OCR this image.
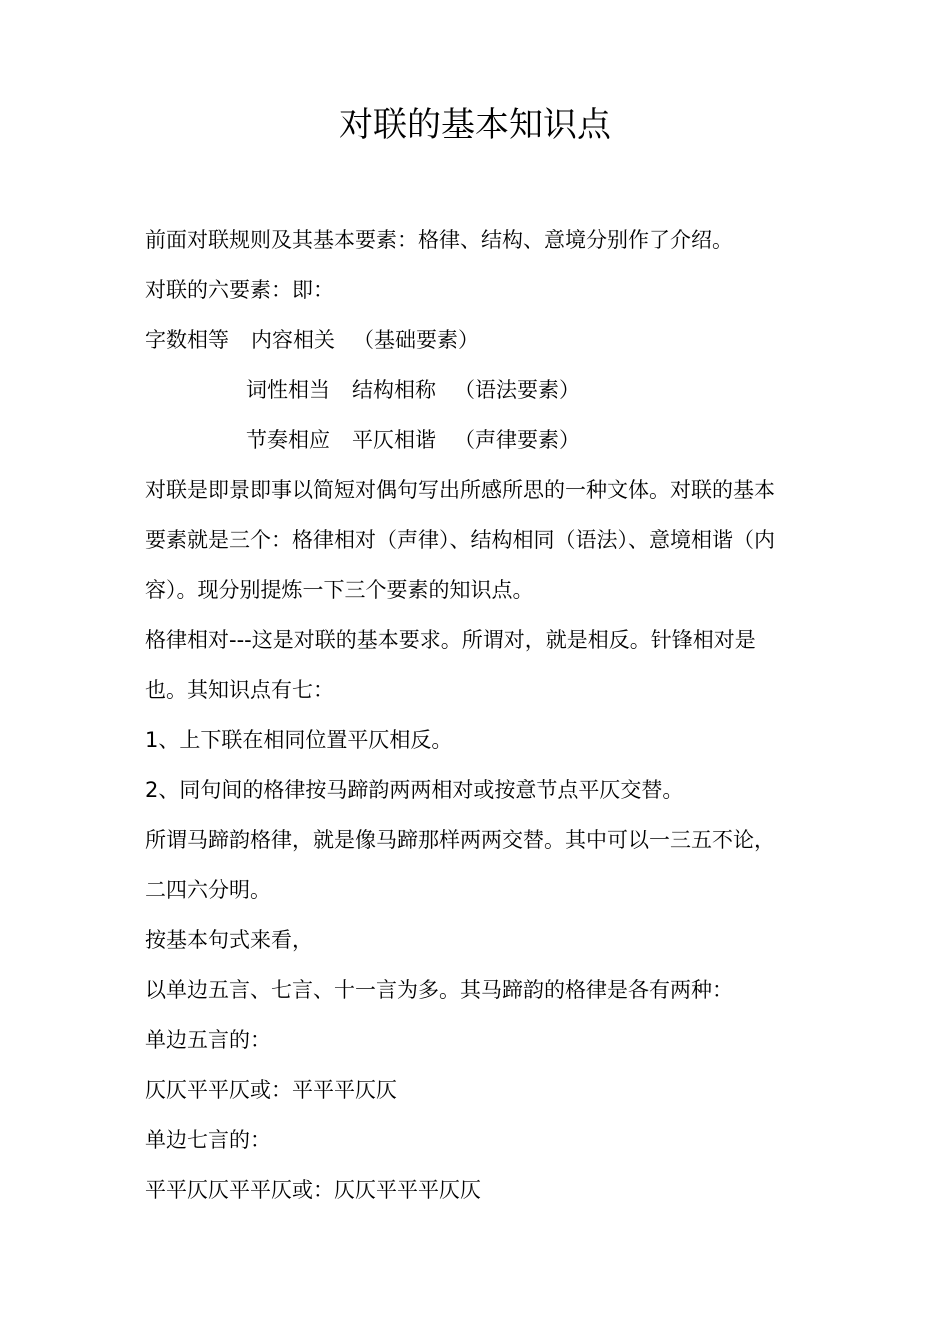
对联的基本知识点

前面对联规则及其基本要素：格律、结构、意境分别作了介绍。

对联的六要素：即：

字数相等 内容相关 （基础要素）

词性相当 结构相称 （语法要素）

节奏相应 平仄相谐 （声律要素）

对联是即景即事以简短对偶句写出所感所思的一种文体。对联的基本

要素就是三个：格律相对（声律）、结构相同（语法）、意境相谐（内

容）。现分别提炼一下三个要素的知识点。

格律相对---这是对联的基本要求。所谓对，就是相反。针锋相对是

也。其知识点有七：

1、上下联在相同位置平仄相反。

2、同句间的格律按马蹄韵两两相对或按意节点平仄交替。

所谓马蹄韵格律，就是像马蹄那样两两交替。其中可以一三五不论，

二四六分明。

按基本句式来看，

以单边五言、七言、十一言为多。其马蹄韵的格律是各有两种：

单边五言的：

仄仄平平仄或：平平平仄仄

单边七言的：

平平仄仄平平仄或：仄仄平平平仄仄
